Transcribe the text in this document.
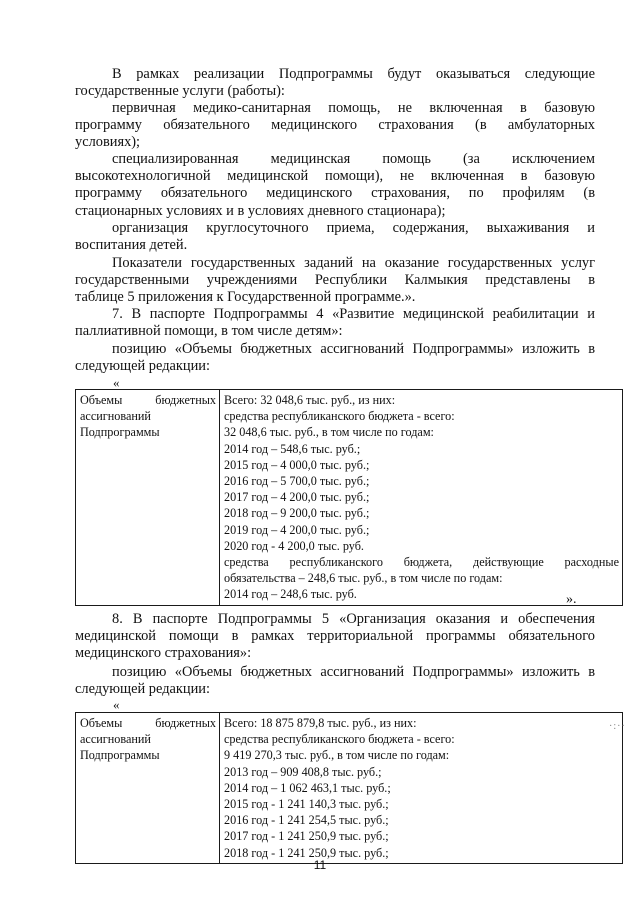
В рамках реализации Подпрограммы будут оказываться следующие
государственные услуги (работы):
первичная медико-санитарная помощь, не включенная в базовую
программу обязательного медицинского страхования (в амбулаторных
условиях);
специализированная медицинская помощь (за исключением
высокотехнологичной медицинской помощи), не включенная в базовую
программу обязательного медицинского страхования, по профилям (в
стационарных условиях и в условиях дневного стационара);
организация круглосуточного приема, содержания, выхаживания и
воспитания детей.
Показатели государственных заданий на оказание государственных услуг
государственными учреждениями Республики Калмыкия представлены в
таблице 5 приложения к Государственной программе.».
7. В паспорте Подпрограммы 4 «Развитие медицинской реабилитации и
паллиативной помощи, в том числе детям»:
позицию «Объемы бюджетных ассигнований Подпрограммы» изложить в
следующей редакции:
«
Объемы бюджетных
ассигнований
Подпрограммы

Всего: 32 048,6 тыс. руб., из них:
средства республиканского бюджета - всего:
32 048,6 тыс. руб., в том числе по годам:
2014 год – 548,6 тыс. руб.;
2015 год – 4 000,0 тыс. руб.;
2016 год – 5 700,0 тыс. руб.;
2017 год – 4 200,0 тыс. руб.;
2018 год – 9 200,0 тыс. руб.;
2019 год – 4 200,0 тыс. руб.;
2020 год - 4 200,0 тыс. руб.
средства республиканского бюджета, действующие расходные
обязательства – 248,6 тыс. руб., в том числе по годам:
2014 год – 248,6 тыс. руб.	».
8. В паспорте Подпрограммы 5 «Организация оказания и обеспечения
медицинской помощи в рамках территориальной программы обязательного
медицинского страхования»:
позицию «Объемы бюджетных ассигнований Подпрограммы» изложить в
следующей редакции:
«
Объемы бюджетных
ассигнований
Подпрограммы

Всего: 18 875 879,8 тыс. руб., из них:
средства республиканского бюджета - всего:
9 419 270,3 тыс. руб., в том числе по годам:
2013 год – 909 408,8 тыс. руб.;
2014 год – 1 062 463,1 тыс. руб.;
2015 год - 1 241 140,3 тыс. руб.;
2016 год - 1 241 254,5 тыс. руб.;
2017 год - 1 241 250,9 тыс. руб.;
2018 год - 1 241 250,9 тыс. руб.;
·:··
11
